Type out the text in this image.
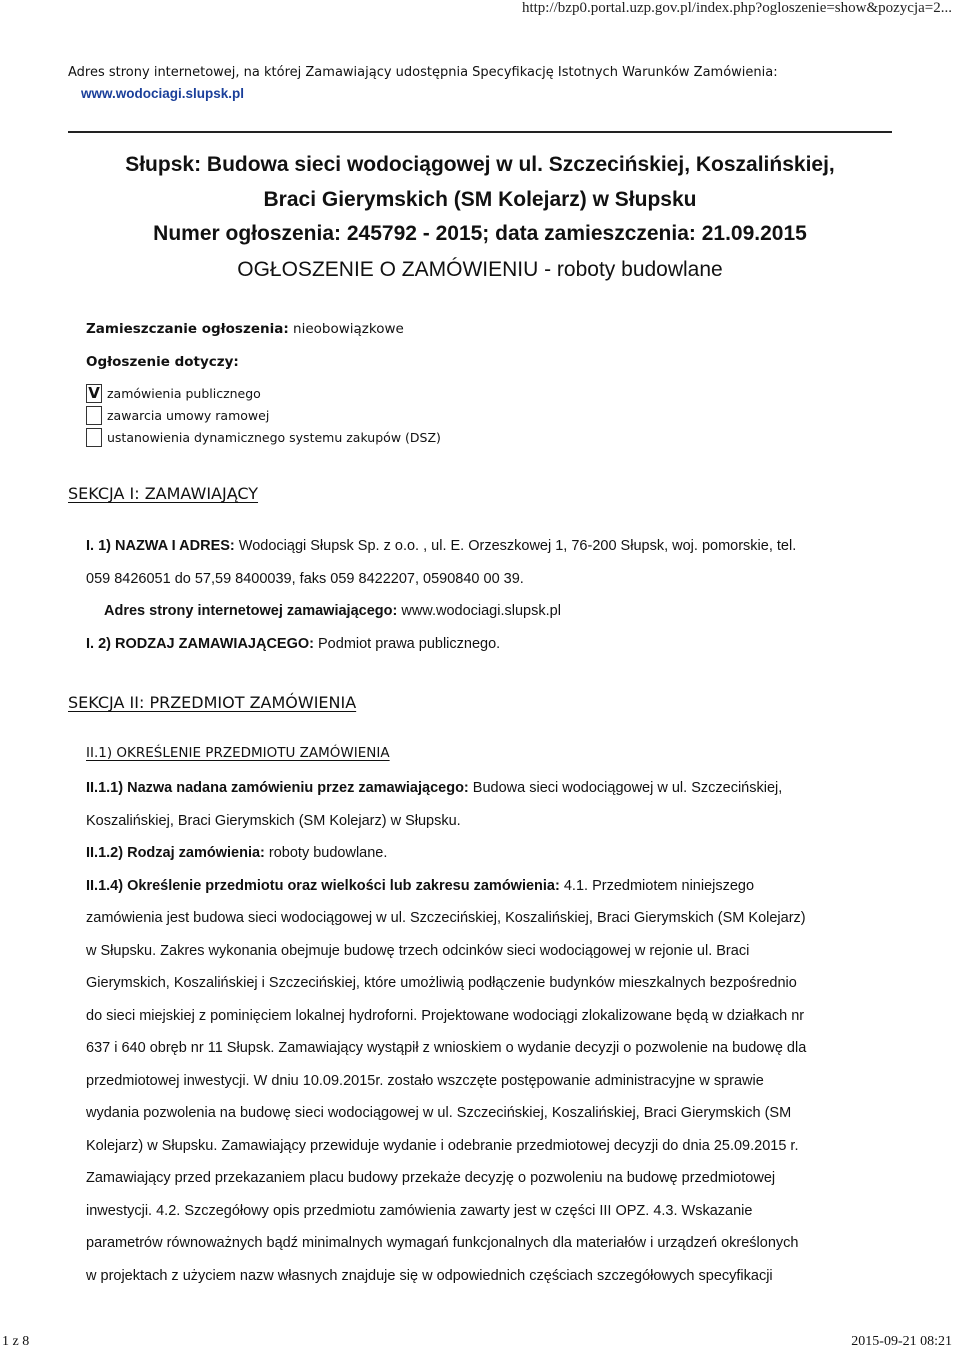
http://bzp0.portal.uzp.gov.pl/index.php?ogloszenie=show&pozycja=2...
Adres strony internetowej, na której Zamawiający udostępnia Specyfikację Istotnych Warunków Zamówienia:
www.wodociagi.slupsk.pl
Słupsk: Budowa sieci wodociągowej w ul. Szczecińskiej, Koszalińskiej,
Braci Gierymskich (SM Kolejarz) w Słupsku
Numer ogłoszenia: 245792 - 2015; data zamieszczenia: 21.09.2015
OGŁOSZENIE O ZAMÓWIENIU - roboty budowlane
Zamieszczanie ogłoszenia: nieobowiązkowe
Ogłoszenie dotyczy:
V zamówienia publicznego
zawarcia umowy ramowej
ustanowienia dynamicznego systemu zakupów (DSZ)
SEKCJA I: ZAMAWIAJĄCY
I. 1) NAZWA I ADRES: Wodociągi Słupsk Sp. z o.o. , ul. E. Orzeszkowej 1, 76-200 Słupsk, woj. pomorskie, tel.
059 8426051 do 57,59 8400039, faks 059 8422207, 0590840 00 39.
Adres strony internetowej zamawiającego: www.wodociagi.slupsk.pl
I. 2) RODZAJ ZAMAWIAJĄCEGO: Podmiot prawa publicznego.
SEKCJA II: PRZEDMIOT ZAMÓWIENIA
II.1) OKREŚLENIE PRZEDMIOTU ZAMÓWIENIA
II.1.1) Nazwa nadana zamówieniu przez zamawiającego: Budowa sieci wodociągowej w ul. Szczecińskiej,
Koszalińskiej, Braci Gierymskich (SM Kolejarz) w Słupsku.
II.1.2) Rodzaj zamówienia: roboty budowlane.
II.1.4) Określenie przedmiotu oraz wielkości lub zakresu zamówienia: 4.1. Przedmiotem niniejszego
zamówienia jest budowa sieci wodociągowej w ul. Szczecińskiej, Koszalińskiej, Braci Gierymskich (SM Kolejarz)
w Słupsku. Zakres wykonania obejmuje budowę trzech odcinków sieci wodociągowej w rejonie ul. Braci
Gierymskich, Koszalińskiej i Szczecińskiej, które umożliwią podłączenie budynków mieszkalnych bezpośrednio
do sieci miejskiej z pominięciem lokalnej hydroforni. Projektowane wodociągi zlokalizowane będą w działkach nr
637 i 640 obręb nr 11 Słupsk. Zamawiający wystąpił z wnioskiem o wydanie decyzji o pozwolenie na budowę dla
przedmiotowej inwestycji. W dniu 10.09.2015r. zostało wszczęte postępowanie administracyjne w sprawie
wydania pozwolenia na budowę sieci wodociągowej w ul. Szczecińskiej, Koszalińskiej, Braci Gierymskich (SM
Kolejarz) w Słupsku. Zamawiający przewiduje wydanie i odebranie przedmiotowej decyzji do dnia 25.09.2015 r.
Zamawiający przed przekazaniem placu budowy przekaże decyzję o pozwoleniu na budowę przedmiotowej
inwestycji. 4.2. Szczegółowy opis przedmiotu zamówienia zawarty jest w części III OPZ. 4.3. Wskazanie
parametrów równoważnych bądź minimalnych wymagań funkcjonalnych dla materiałów i urządzeń określonych
w projektach z użyciem nazw własnych znajduje się w odpowiednich częściach szczegółowych specyfikacji
1 z 8	2015-09-21 08:21
